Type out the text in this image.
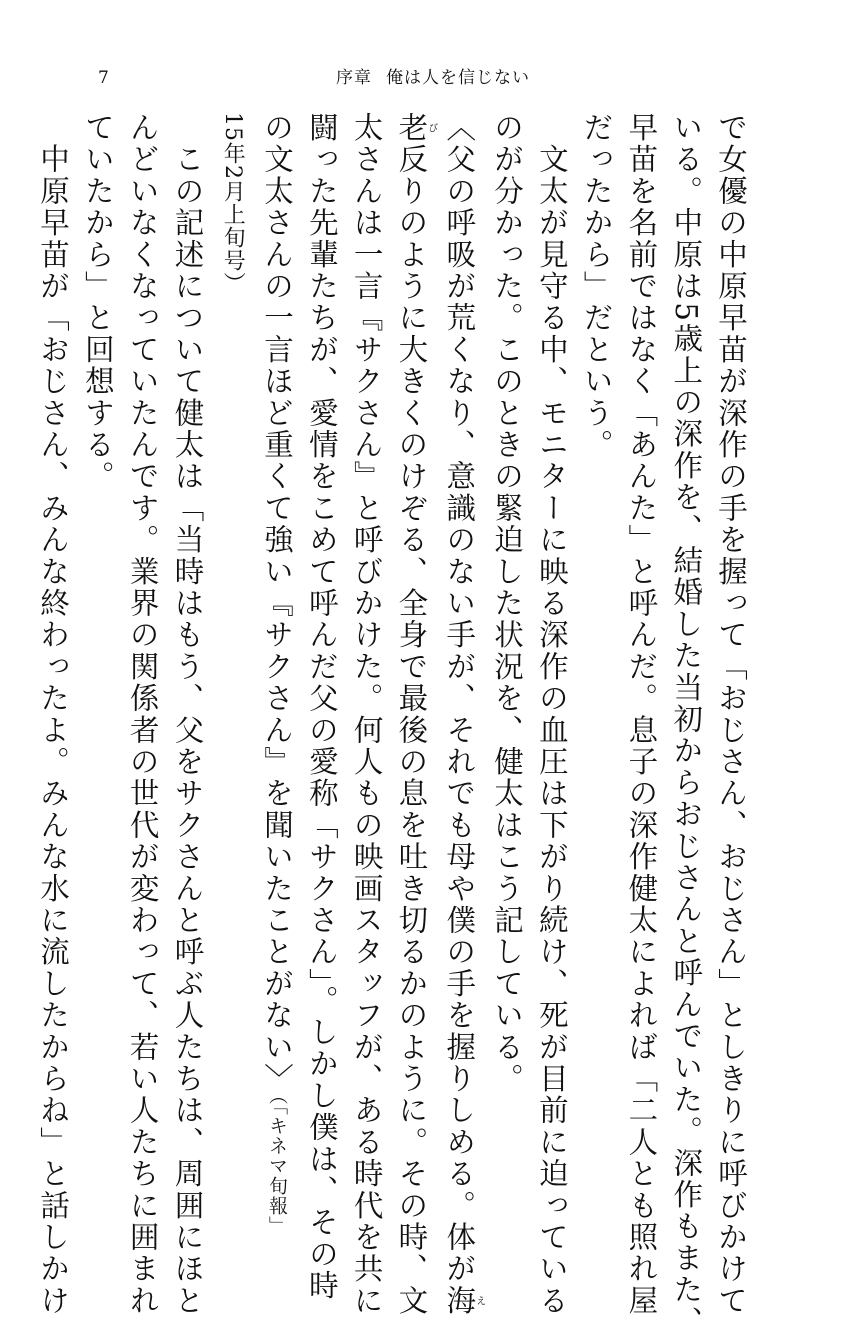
7	序章 俺は人を信じない
で女優の中原早苗が深作の手を握って「おじさん、おじさん」としきりに呼びかけて
いる。中原は5歳上の深作を、結婚した当初からおじさんと呼んでいた。深作もまた、
早苗を名前ではなく「あんた」と呼んだ。息子の深作健太によれば「二人とも照れ屋
だったから」だという。
　文太が見守る中、モニターに映る深作の血圧は下がり続け、死が目前に迫っている
のが分かった。このときの緊迫した状況を、健太はこう記している。
〈父の呼吸が荒くなり、意識のない手が、それでも母や僕の手を握りしめる。体が海え
老び反りのように大きくのけぞる、全身で最後の息を吐き切るかのように。その時、文
太さんは一言『サクさん』と呼びかけた。何人もの映画スタッフが、ある時代を共に
闘った先輩たちが、愛情をこめて呼んだ父の愛称「サクさん」。しかし僕は、その時
の文太さんの一言ほど重くて強い『サクさん』を聞いたことがない〉（「キネマ旬報」
15年2月上旬号）
　この記述について健太は「当時はもう、父をサクさんと呼ぶ人たちは、周囲にほと
んどいなくなっていたんです。業界の関係者の世代が変わって、若い人たちに囲まれ
ていたから」と回想する。
　中原早苗が「おじさん、みんな終わったよ。みんな水に流したからね」と話しかけ
